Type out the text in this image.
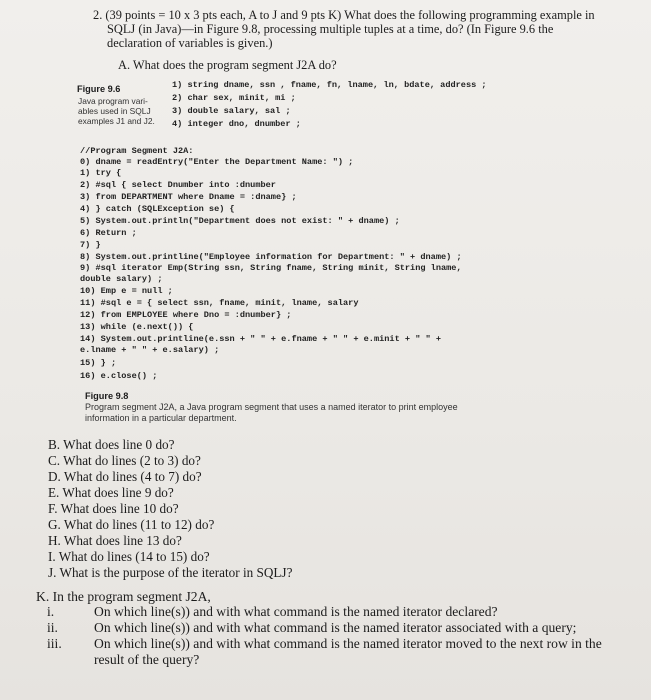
2. (39 points = 10 x 3 pts each, A to J and 9 pts K) What does the following programming example in
SQLJ (in Java)—in Figure 9.8, processing multiple tuples at a time, do? (In Figure 9.6 the
declaration of variables is given.)
A. What does the program segment J2A do?
Figure 9.6
Java program vari-
ables used in SQLJ
examples J1 and J2.
1) string dname, ssn , fname, fn, lname, ln, bdate, address ;
2) char sex, minit, mi ;
3) double salary, sal ;
4) integer dno, dnumber ;
//Program Segment J2A:
0) dname = readEntry("Enter the Department Name: ") ;
1) try {
2) #sql { select Dnumber into :dnumber
3) from DEPARTMENT where Dname = :dname} ;
4) } catch (SQLException se) {
5) System.out.println("Department does not exist: " + dname) ;
6) Return ;
7) }
8) System.out.printline("Employee information for Department: " + dname) ;
9) #sql iterator Emp(String ssn, String fname, String minit, String lname,
double salary) ;
10) Emp e = null ;
11) #sql e = { select ssn, fname, minit, lname, salary
12) from EMPLOYEE where Dno = :dnumber} ;
13) while (e.next()) {
14) System.out.printline(e.ssn + " " + e.fname + " " + e.minit + " " +
e.lname + " " + e.salary) ;
15) } ;
16) e.close() ;
Figure 9.8
Program segment J2A, a Java program segment that uses a named iterator to print employee
information in a particular department.
B. What does line 0 do?
C. What do lines (2 to 3) do?
D. What do lines (4 to 7) do?
E. What does line 9 do?
F. What does line 10 do?
G. What do lines (11 to 12) do?
H. What does line 13 do?
I. What do lines (14 to 15) do?
J. What is the purpose of the iterator in SQLJ?
K. In the program segment J2A,
i.	On which line(s)) and with what command is the named iterator declared?
ii.	On which line(s)) and with what command is the named iterator associated with a query;
iii. On which line(s)) and with what command is the named iterator moved to the next row in the
result of the query?
